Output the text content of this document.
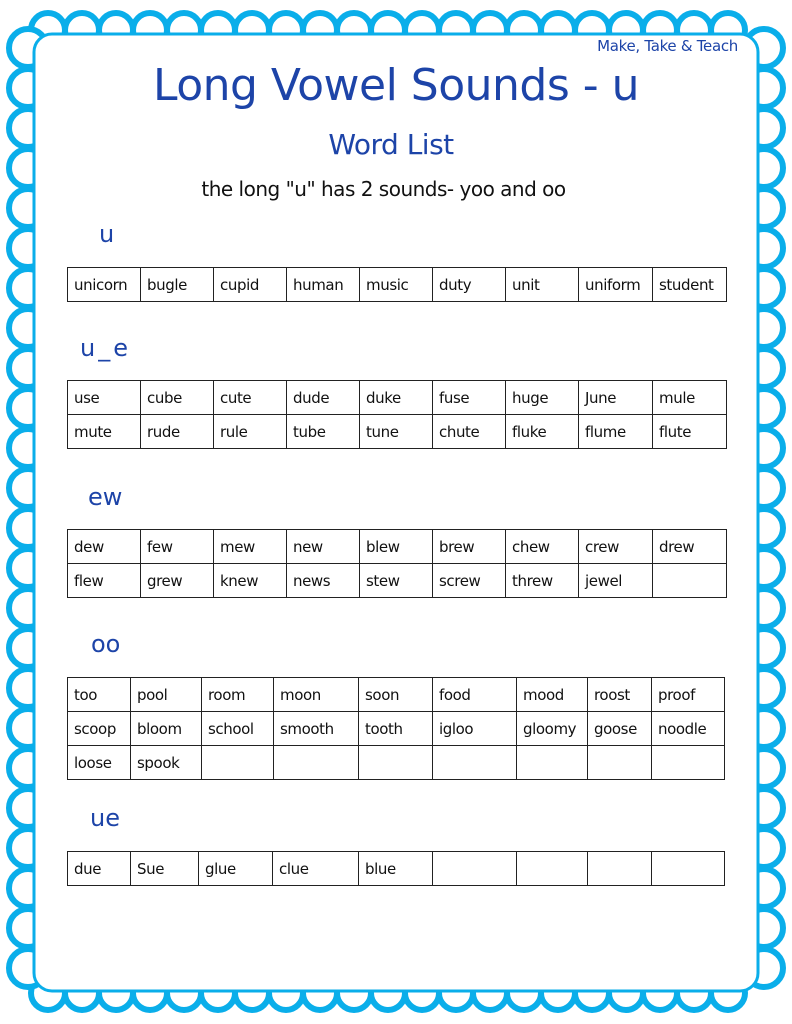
Make, Take & Teach
Long Vowel Sounds - u
Word List
the long "u" has 2 sounds- yoo and oo
u
unicorn	bugle	cupid	human	music	duty	unit	uniform	student
u_e
use	cube	cute	dude	duke	fuse	huge	June	mule
mute	rude	rule	tube	tune	chute	fluke	flume	flute
ew
dew	few	mew	new	blew	brew	chew	crew	drew
flew	grew	knew	news	stew	screw	threw	jewel	
oo
too	pool	room	moon	soon	food	mood	roost	proof
scoop	bloom	school	smooth	tooth	igloo	gloomy	goose	noodle
loose	spook							
ue
due	Sue	glue	clue	blue				
